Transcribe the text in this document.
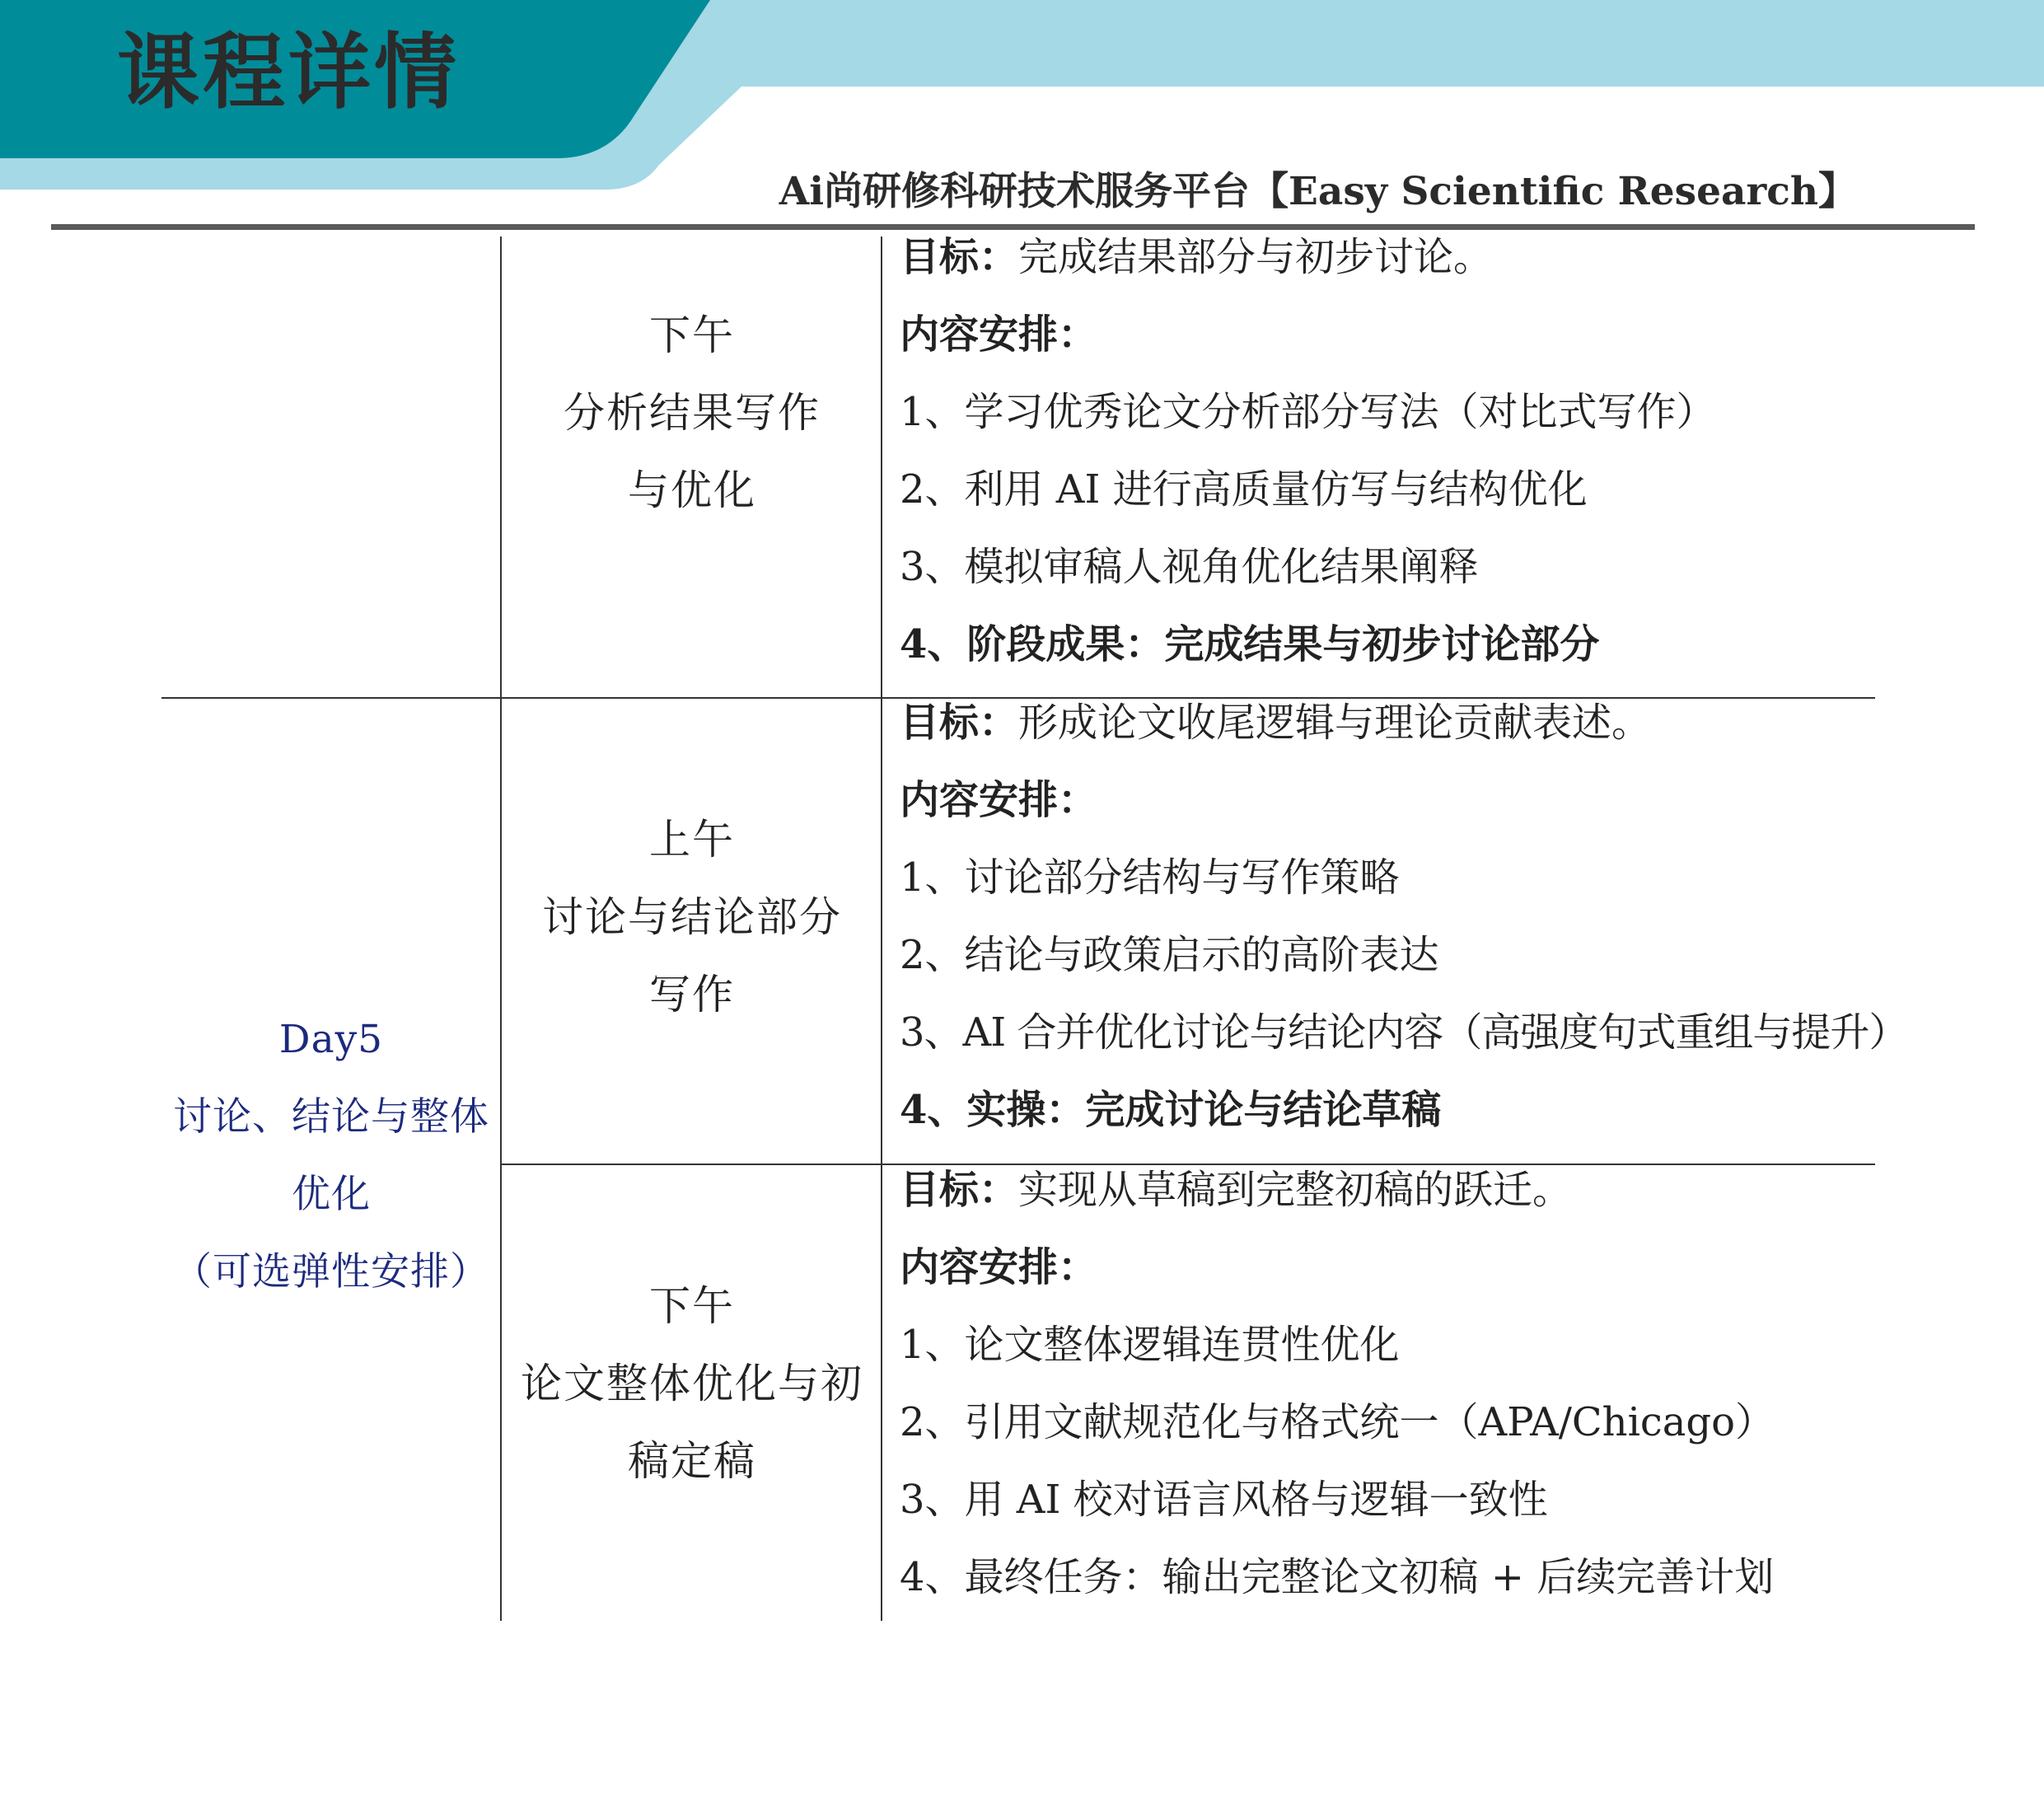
课程详情
Ai尚研修科研技术服务平台【Easy Scientific Research】
Day5
讨论、结论与整体
优化
（可选弹性安排）
下午
分析结果写作
与优化
目标：完成结果部分与初步讨论。
内容安排：
1、学习优秀论文分析部分写法（对比式写作）
2、利用 AI 进行高质量仿写与结构优化
3、模拟审稿人视角优化结果阐释
4、阶段成果：完成结果与初步讨论部分
上午
讨论与结论部分
写作
目标：形成论文收尾逻辑与理论贡献表述。
内容安排：
1、讨论部分结构与写作策略
2、结论与政策启示的高阶表达
3、AI 合并优化讨论与结论内容（高强度句式重组与提升）
4、实操：完成讨论与结论草稿
下午
论文整体优化与初
稿定稿
目标：实现从草稿到完整初稿的跃迁。
内容安排：
1、论文整体逻辑连贯性优化
2、引用文献规范化与格式统一（APA/Chicago）
3、用 AI 校对语言风格与逻辑一致性
4、最终任务：输出完整论文初稿 + 后续完善计划
